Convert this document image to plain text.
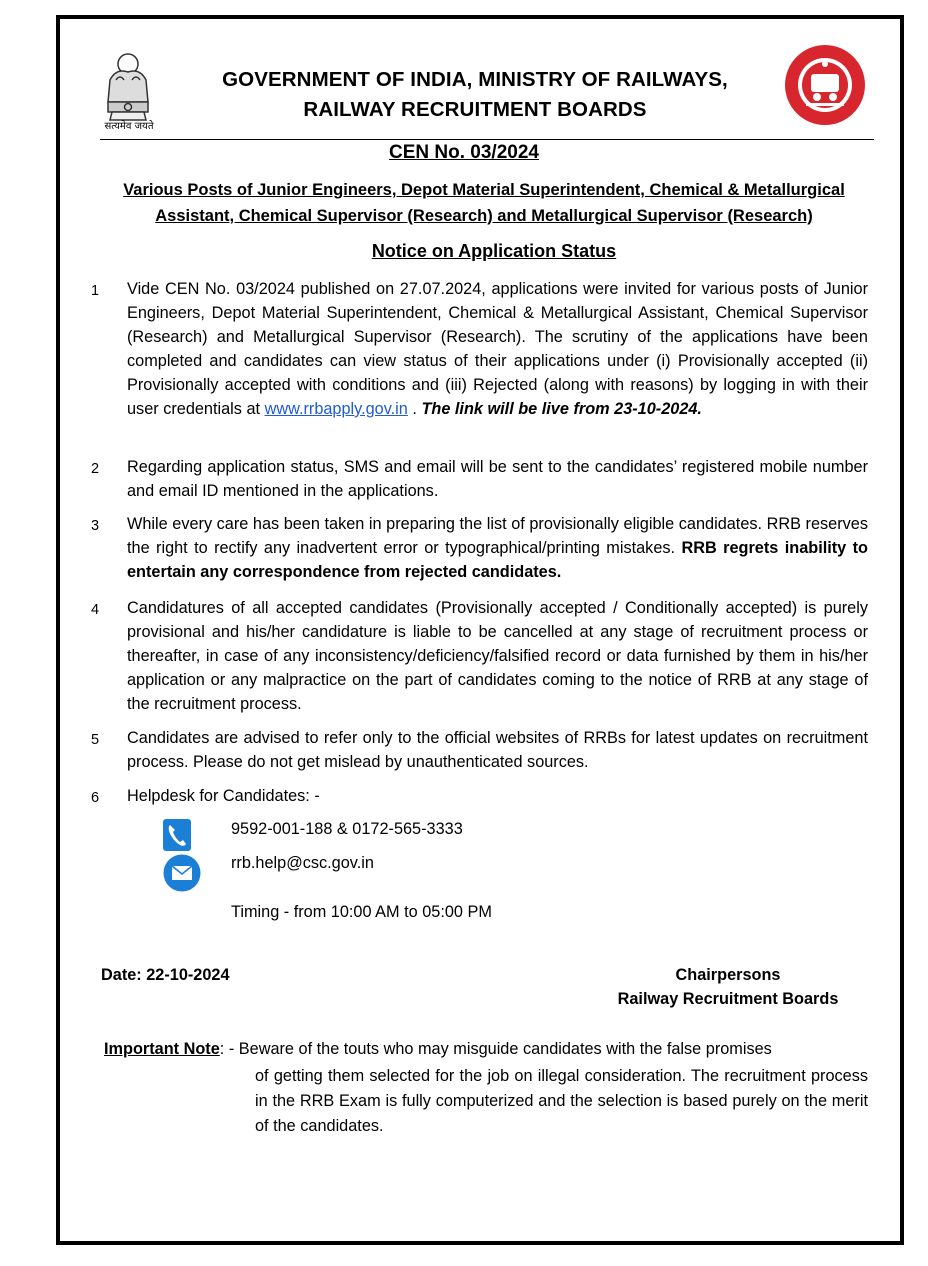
सत्यमेव जयते
GOVERNMENT OF INDIA, MINISTRY OF RAILWAYS,
RAILWAY RECRUITMENT BOARDS
CEN No. 03/2024
Various Posts of Junior Engineers, Depot Material Superintendent, Chemical & Metallurgical
Assistant, Chemical Supervisor (Research) and Metallurgical Supervisor (Research)
Notice on Application Status
1 Vide CEN No. 03/2024 published on 27.07.2024, applications were invited for various posts of Junior Engineers, Depot Material Superintendent, Chemical & Metallurgical Assistant, Chemical Supervisor (Research) and Metallurgical Supervisor (Research). The scrutiny of the applications have been completed and candidates can view status of their applications under (i) Provisionally accepted (ii) Provisionally accepted with conditions and (iii) Rejected (along with reasons) by logging in with their user credentials at www.rrbapply.gov.in . The link will be live from 23-10-2024.
2 Regarding application status, SMS and email will be sent to the candidates’ registered mobile number and email ID mentioned in the applications.
3 While every care has been taken in preparing the list of provisionally eligible candidates. RRB reserves the right to rectify any inadvertent error or typographical/printing mistakes. RRB regrets inability to entertain any correspondence from rejected candidates.
4 Candidatures of all accepted candidates (Provisionally accepted / Conditionally accepted) is purely provisional and his/her candidature is liable to be cancelled at any stage of recruitment process or thereafter, in case of any inconsistency/deficiency/falsified record or data furnished by them in his/her application or any malpractice on the part of candidates coming to the notice of RRB at any stage of the recruitment process.
5 Candidates are advised to refer only to the official websites of RRBs for latest updates on recruitment process. Please do not get mislead by unauthenticated sources.
6 Helpdesk for Candidates: -
9592-001-188 & 0172-565-3333
rrb.help@csc.gov.in
Timing - from 10:00 AM to 05:00 PM
Date: 22-10-2024	Chairpersons
Railway Recruitment Boards
Important Note: - Beware of the touts who may misguide candidates with the false promises
of getting them selected for the job on illegal consideration. The recruitment process in the RRB Exam is fully computerized and the selection is based purely on the merit of the candidates.
